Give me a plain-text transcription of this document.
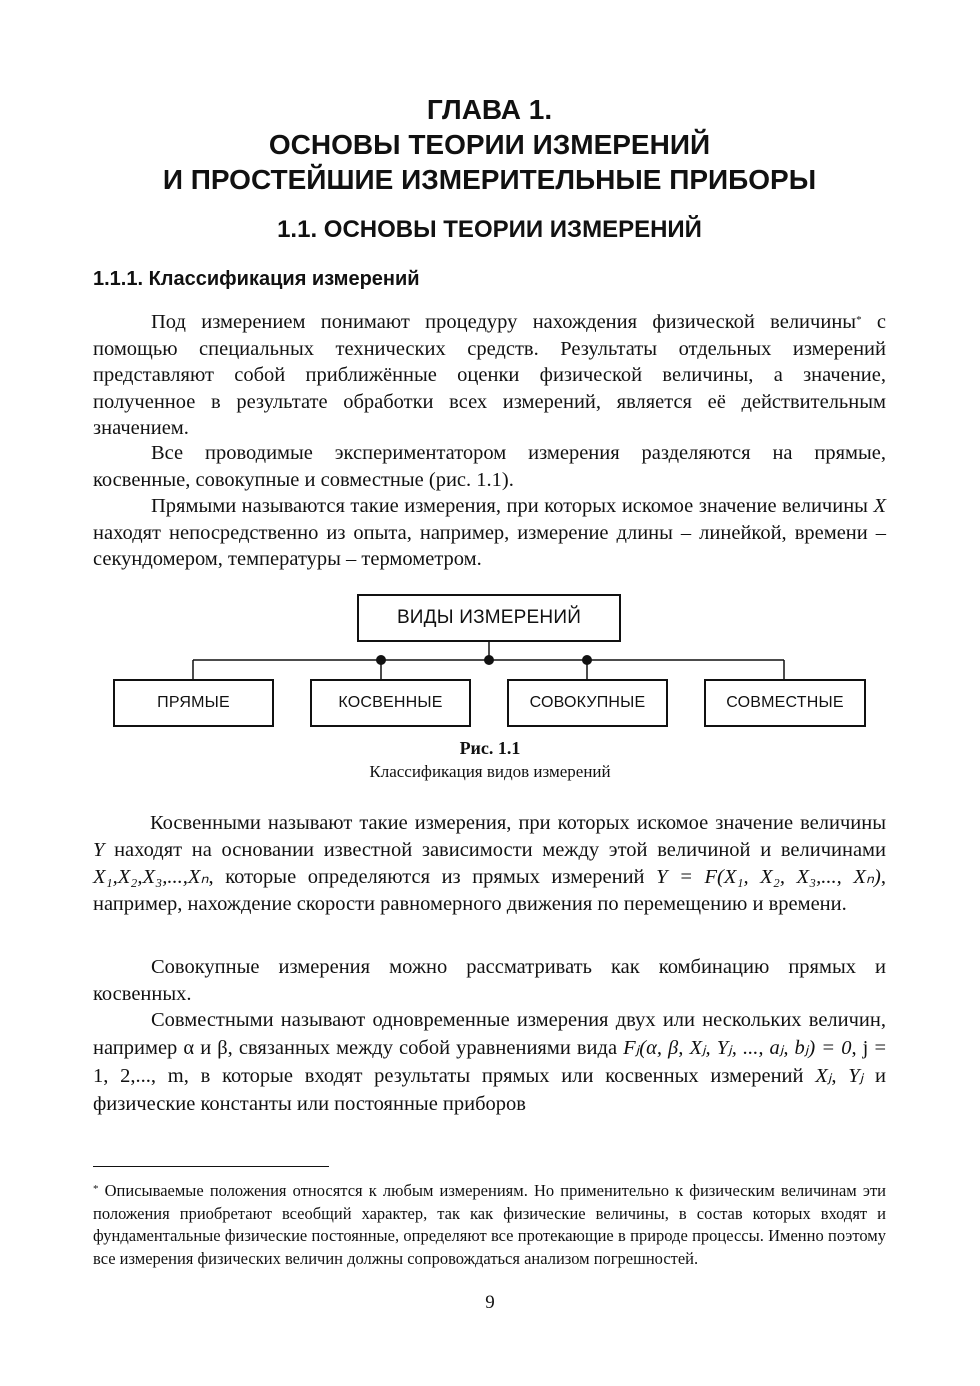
ГЛАВА 1.
ОСНОВЫ ТЕОРИИ ИЗМЕРЕНИЙ
И ПРОСТЕЙШИЕ ИЗМЕРИТЕЛЬНЫЕ ПРИБОРЫ
1.1. ОСНОВЫ ТЕОРИИ ИЗМЕРЕНИЙ
1.1.1. Классификация измерений

Под измерением понимают процедуру нахождения физической величины* с помощью специальных технических средств. Результаты отдельных измерений представляют собой приближённые оценки физической величины, а значение, полученное в результате обработки всех измерений, является её действительным значением.

Все проводимые экспериментатором измерения разделяются на прямые, косвенные, совокупные и совместные (рис. 1.1).

Прямыми называются такие измерения, при которых искомое значение величины X находят непосредственно из опыта, например, измерение длины – линейкой, времени – секундомером, температуры – термометром.

Косвенными называют такие измерения, при которых искомое значение величины Y находят на основании известной зависимости между этой величиной и величинами X₁,X₂,X₃,...,Xₙ, которые определяются из прямых измерений Y = F(X₁, X₂, X₃,..., Xₙ), например, нахождение скорости равномерного движения по перемещению и времени.

Совокупные измерения можно рассматривать как комбинацию прямых и косвенных.

Совместными называют одновременные измерения двух или нескольких величин, например α и β, связанных между собой уравнениями вида Fⱼ(α, β, Xⱼ, Yⱼ, ..., aⱼ, bⱼ) = 0, j = 1, 2,..., m, в которые входят результаты прямых или косвенных измерений Xⱼ, Yⱼ и физические константы или постоянные приборов

ВИДЫ ИЗМЕРЕНИЙ
ПРЯМЫЕ	КОСВЕННЫЕ	СОВОКУПНЫЕ	СОВМЕСТНЫЕ
Рис. 1.1
Классификация видов измерений
* Описываемые положения относятся к любым измерениям. Но применительно к физическим величинам эти положения приобретают всеобщий характер, так как физические величины, в состав которых входят и фундаментальные физические постоянные, определяют все протекающие в природе процессы. Именно поэтому все измерения физических величин должны сопровождаться анализом погрешностей.
9
